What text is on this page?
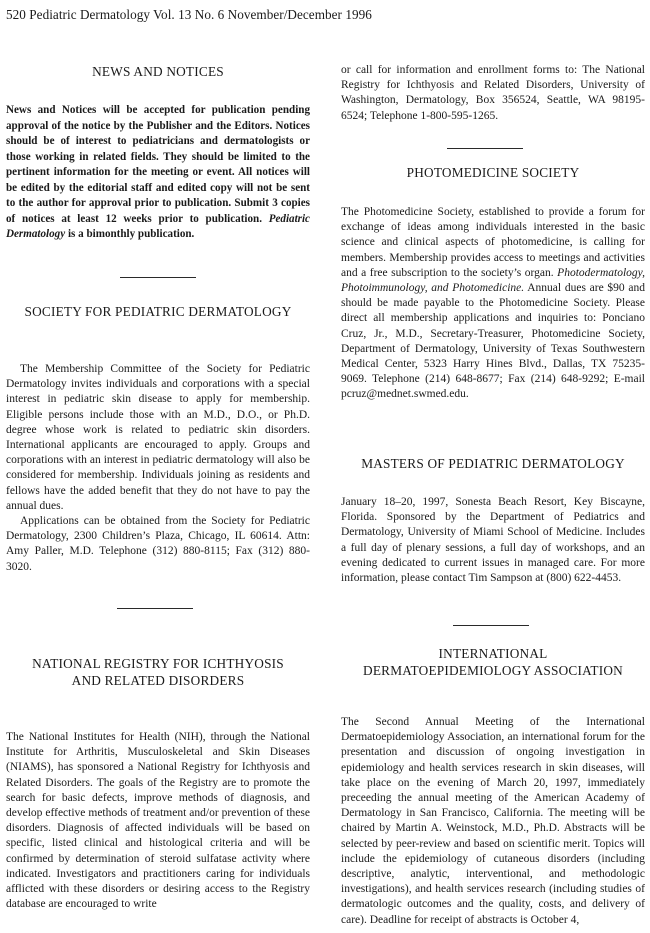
520 Pediatric Dermatology Vol. 13 No. 6 November/December 1996
NEWS AND NOTICES

News and Notices will be accepted for publication pending approval of the notice by the Publisher and the Editors. Notices should be of interest to pediatricians and dermatologists or those working in related fields. They should be limited to the pertinent information for the meeting or event. All notices will be edited by the editorial staff and edited copy will not be sent to the author for approval prior to publication. Submit 3 copies of notices at least 12 weeks prior to publication. Pediatric Dermatology is a bimonthly publication.

SOCIETY FOR PEDIATRIC DERMATOLOGY

The Membership Committee of the Society for Pediatric Dermatology invites individuals and corporations with a special interest in pediatric skin disease to apply for membership. Eligible persons include those with an M.D., D.O., or Ph.D. degree whose work is related to pediatric skin disorders. International applicants are encouraged to apply. Groups and corporations with an interest in pediatric dermatology will also be considered for membership. Individuals joining as residents and fellows have the added benefit that they do not have to pay the annual dues.

Applications can be obtained from the Society for Pediatric Dermatology, 2300 Children’s Plaza, Chicago, IL 60614. Attn: Amy Paller, M.D. Telephone (312) 880-8115; Fax (312) 880-3020.

NATIONAL REGISTRY FOR ICHTHYOSIS
AND RELATED DISORDERS

The National Institutes for Health (NIH), through the National Institute for Arthritis, Musculoskeletal and Skin Diseases (NIAMS), has sponsored a National Registry for Ichthyosis and Related Disorders. The goals of the Registry are to promote the search for basic defects, improve methods of diagnosis, and develop effective methods of treatment and/or prevention of these disorders. Diagnosis of affected individuals will be based on specific, listed clinical and histological criteria and will be confirmed by determination of steroid sulfatase activity where indicated. Investigators and practitioners caring for individuals afflicted with these disorders or desiring access to the Registry database are encouraged to write

or call for information and enrollment forms to: The National Registry for Ichthyosis and Related Disorders, University of Washington, Dermatology, Box 356524, Seattle, WA 98195-6524; Telephone 1-800-595-1265.

PHOTOMEDICINE SOCIETY

The Photomedicine Society, established to provide a forum for exchange of ideas among individuals interested in the basic science and clinical aspects of photomedicine, is calling for members. Membership provides access to meetings and activities and a free subscription to the society’s organ. Photodermatology, Photoimmunology, and Photomedicine. Annual dues are $90 and should be made payable to the Photomedicine Society. Please direct all membership applications and inquiries to: Ponciano Cruz, Jr., M.D., Secretary-Treasurer, Photomedicine Society, Department of Dermatology, University of Texas Southwestern Medical Center, 5323 Harry Hines Blvd., Dallas, TX 75235-9069. Telephone (214) 648-8677; Fax (214) 648-9292; E-mail pcruz@mednet.swmed.edu.

MASTERS OF PEDIATRIC DERMATOLOGY

January 18–20, 1997, Sonesta Beach Resort, Key Biscayne, Florida. Sponsored by the Department of Pediatrics and Dermatology, University of Miami School of Medicine. Includes a full day of plenary sessions, a full day of workshops, and an evening dedicated to current issues in managed care. For more information, please contact Tim Sampson at (800) 622-4453.

INTERNATIONAL
DERMATOEPIDEMIOLOGY ASSOCIATION

The Second Annual Meeting of the International Dermatoepidemiology Association, an international forum for the presentation and discussion of ongoing investigation in epidemiology and health services research in skin diseases, will take place on the evening of March 20, 1997, immediately preceeding the annual meeting of the American Academy of Dermatology in San Francisco, California. The meeting will be chaired by Martin A. Weinstock, M.D., Ph.D. Abstracts will be selected by peer-review and based on scientific merit. Topics will include the epidemiology of cutaneous disorders (including descriptive, analytic, interventional, and methodologic investigations), and health services research (including studies of dermatologic outcomes and the quality, costs, and delivery of care). Deadline for receipt of abstracts is October 4,
